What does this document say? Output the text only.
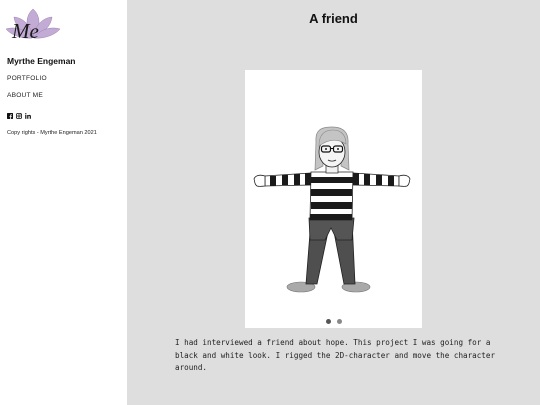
Me
Myrthe Engeman
PORTFOLIO
ABOUT ME
Copy rights - Myrthe Engeman 2021
A friend
I had interviewed a friend about hope. This project I was going for a black and white look. I rigged the 2D-character and move the character around.
